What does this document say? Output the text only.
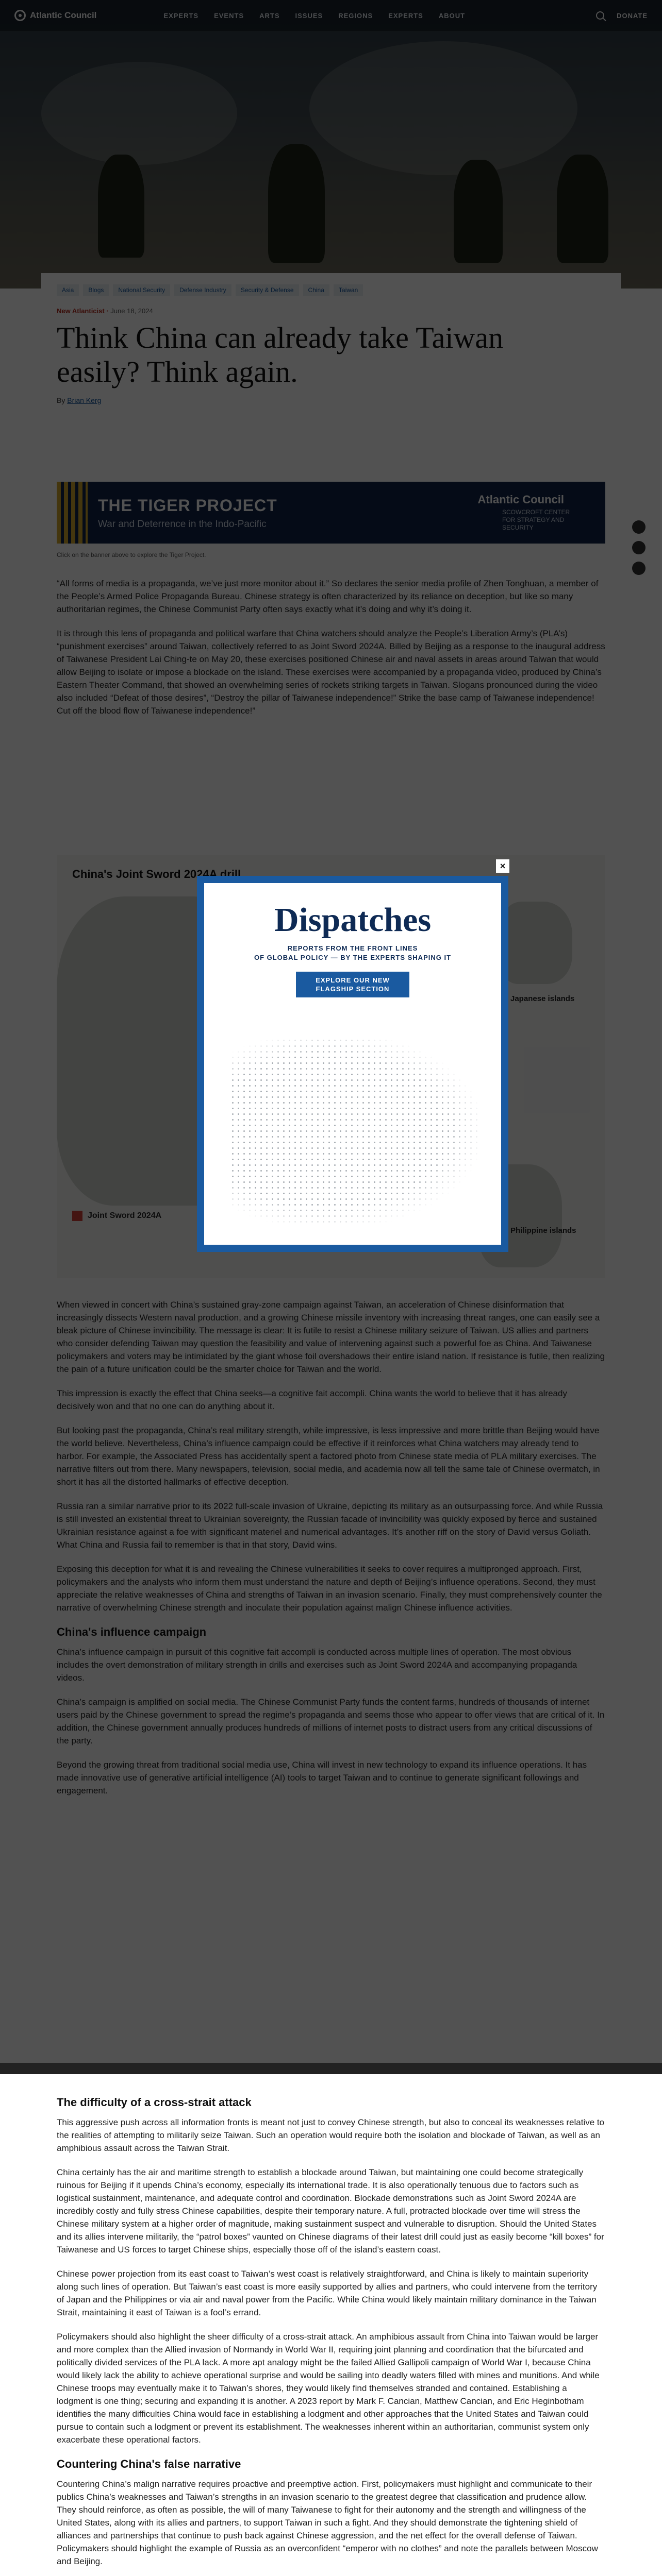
The difficulty of a cross-strait attack

This aggressive push across all information fronts is meant not just to convey Chinese strength, but also to conceal its weaknesses relative to the realities of attempting to militarily seize Taiwan. Such an operation would require both the isolation and blockade of Taiwan, as well as an amphibious assault across the Taiwan Strait.

China certainly has the air and maritime strength to establish a blockade around Taiwan, but maintaining one could become strategically ruinous for Beijing if it upends China’s economy, especially its international trade. It is also operationally tenuous due to factors such as logistical sustainment, maintenance, and adequate control and coordination. Blockade demonstrations such as Joint Sword 2024A are incredibly costly and fully stress Chinese capabilities, despite their temporary nature. A full, protracted blockade over time will stress the Chinese military system at a higher order of magnitude, making sustainment suspect and vulnerable to disruption. Should the United States and its allies intervene militarily, the “patrol boxes” vaunted on Chinese diagrams of their latest drill could just as easily become “kill boxes” for Taiwanese and US forces to target Chinese ships, especially those off of the island’s eastern coast.

Chinese power projection from its east coast to Taiwan’s west coast is relatively straightforward, and China is likely to maintain superiority along such lines of operation. But Taiwan’s east coast is more easily supported by allies and partners, who could intervene from the territory of Japan and the Philippines or via air and naval power from the Pacific. While China would likely maintain military dominance in the Taiwan Strait, maintaining it east of Taiwan is a fool’s errand.

Policymakers should also highlight the sheer difficulty of a cross-strait attack. An amphibious assault from China into Taiwan would be larger and more complex than the Allied invasion of Normandy in World War II, requiring joint planning and coordination that the bifurcated and politically divided services of the PLA lack. A more apt analogy might be the failed Allied Gallipoli campaign of World War I, because China would likely lack the ability to achieve operational surprise and would be sailing into deadly waters filled with mines and munitions. And while Chinese troops may eventually make it to Taiwan’s shores, they would likely find themselves stranded and contained. Establishing a lodgment is one thing; securing and expanding it is another. A 2023 report by Mark F. Cancian, Matthew Cancian, and Eric Heginbotham identifies the many difficulties China would face in establishing a lodgment and other approaches that the United States and Taiwan could pursue to contain such a lodgment or prevent its establishment. The weaknesses inherent within an authoritarian, communist system only exacerbate these operational factors.

Countering China's false narrative

Countering China’s malign narrative requires proactive and preemptive action. First, policymakers must highlight and communicate to their publics China’s weaknesses and Taiwan’s strengths in an invasion scenario to the greatest degree that classification and prudence allow. They should reinforce, as often as possible, the will of many Taiwanese to fight for their autonomy and the strength and willingness of the United States, along with its allies and partners, to support Taiwan in such a fight. And they should demonstrate the tightening shield of alliances and partnerships that continue to push back against Chinese aggression, and the net effect for the overall defense of Taiwan. Policymakers should highlight the example of Russia as an overconfident “emperor with no clothes” and note the parallels between Moscow and Beijing.

×
Dispatches
REPORTS FROM THE FRONT LINES
OF GLOBAL POLICY — BY THE EXPERTS SHAPING IT
EXPLORE OUR NEW
FLAGSHIP SECTION
